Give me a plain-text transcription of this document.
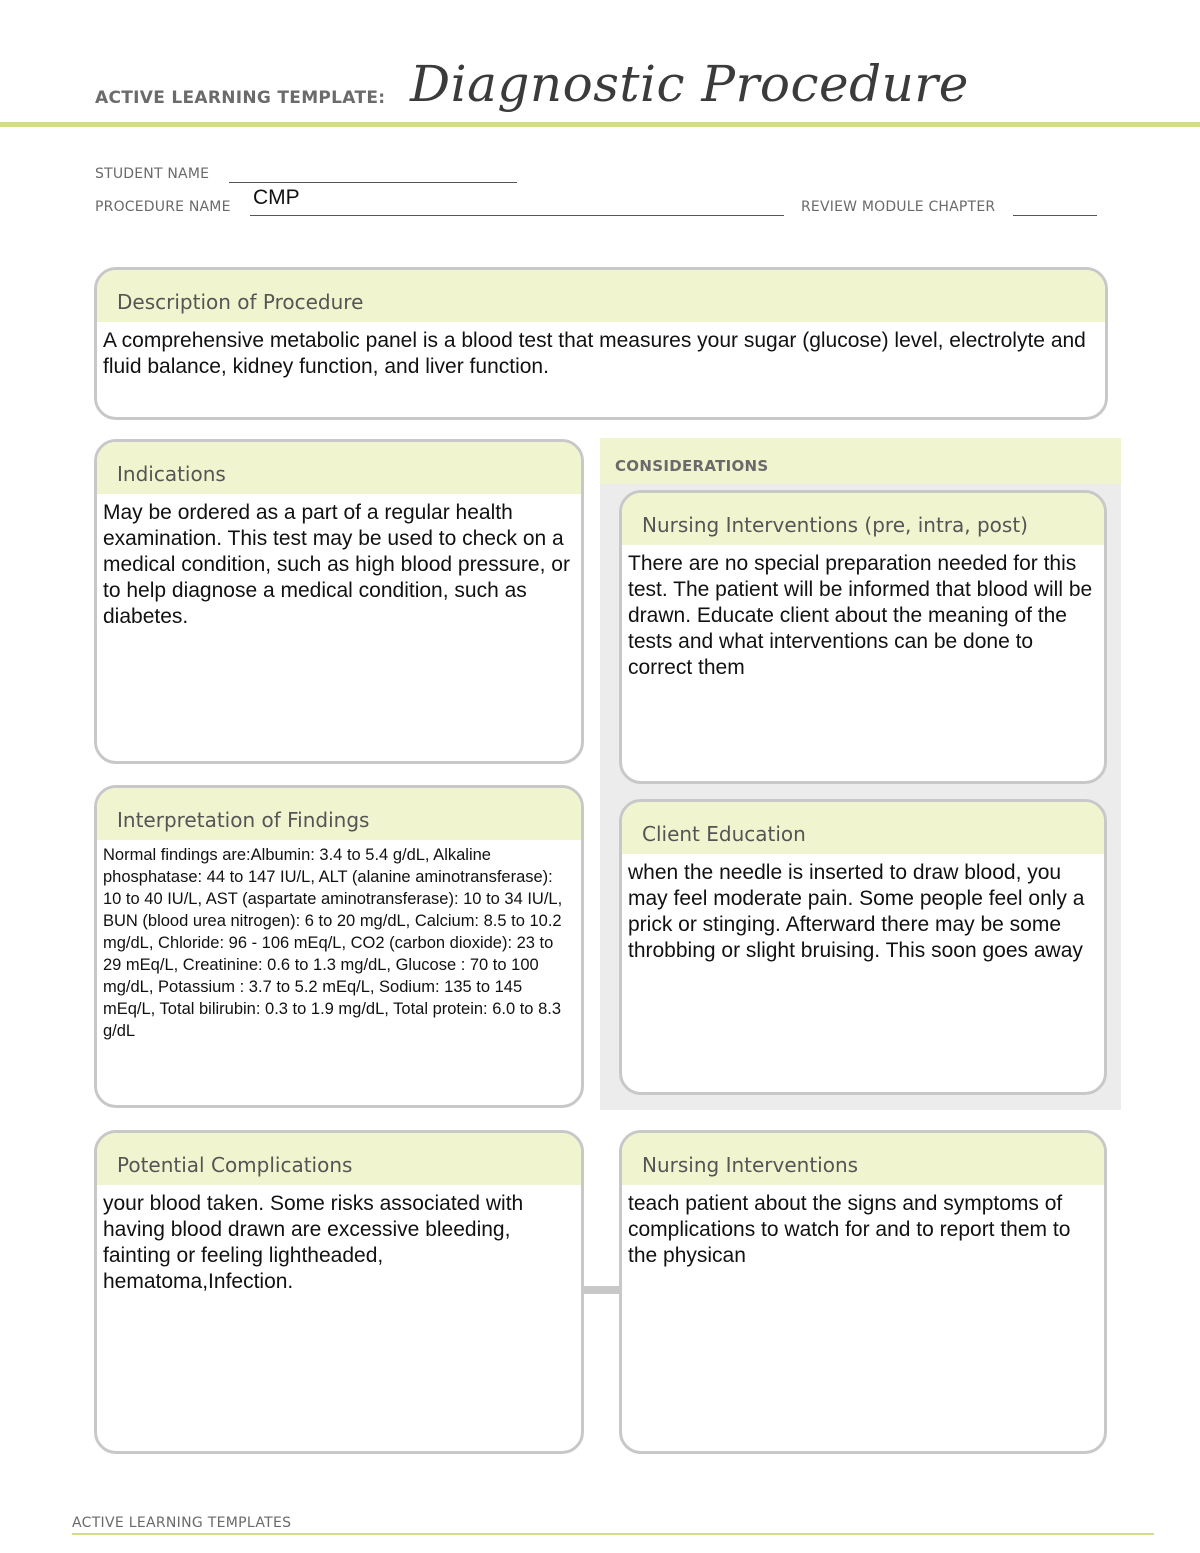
ACTIVE LEARNING TEMPLATE: Diagnostic Procedure
STUDENT NAME
PROCEDURE NAME CMP	REVIEW MODULE CHAPTER
Description of Procedure
A comprehensive metabolic panel is a blood test that measures your sugar (glucose) level, electrolyte and fluid balance, kidney function, and liver function.
Indications
May be ordered as a part of a regular health examination. This test may be used to check on a medical condition, such as high blood pressure, or to help diagnose a medical condition, such as diabetes.
CONSIDERATIONS
Nursing Interventions (pre, intra, post)
There are no special preparation needed for this test. The patient will be informed that blood will be drawn. Educate client about the meaning of the tests and what interventions can be done to correct them
Interpretation of Findings
Normal findings are:Albumin: 3.4 to 5.4 g/dL, Alkaline phosphatase: 44 to 147 IU/L, ALT (alanine aminotransferase): 10 to 40 IU/L, AST (aspartate aminotransferase): 10 to 34 IU/L, BUN (blood urea nitrogen): 6 to 20 mg/dL, Calcium: 8.5 to 10.2 mg/dL, Chloride: 96 - 106 mEq/L, CO2 (carbon dioxide): 23 to 29 mEq/L, Creatinine: 0.6 to 1.3 mg/dL, Glucose : 70 to 100 mg/dL, Potassium : 3.7 to 5.2 mEq/L, Sodium: 135 to 145 mEq/L, Total bilirubin: 0.3 to 1.9 mg/dL, Total protein: 6.0 to 8.3 g/dL
Client Education
when the needle is inserted to draw blood, you may feel moderate pain. Some people feel only a prick or stinging. Afterward there may be some throbbing or slight bruising. This soon goes away
Potential Complications
your blood taken. Some risks associated with having blood drawn are excessive bleeding, fainting or feeling lightheaded, hematoma,Infection.
Nursing Interventions
teach patient about the signs and symptoms of complications to watch for and to report them to the physican
ACTIVE LEARNING TEMPLATES
